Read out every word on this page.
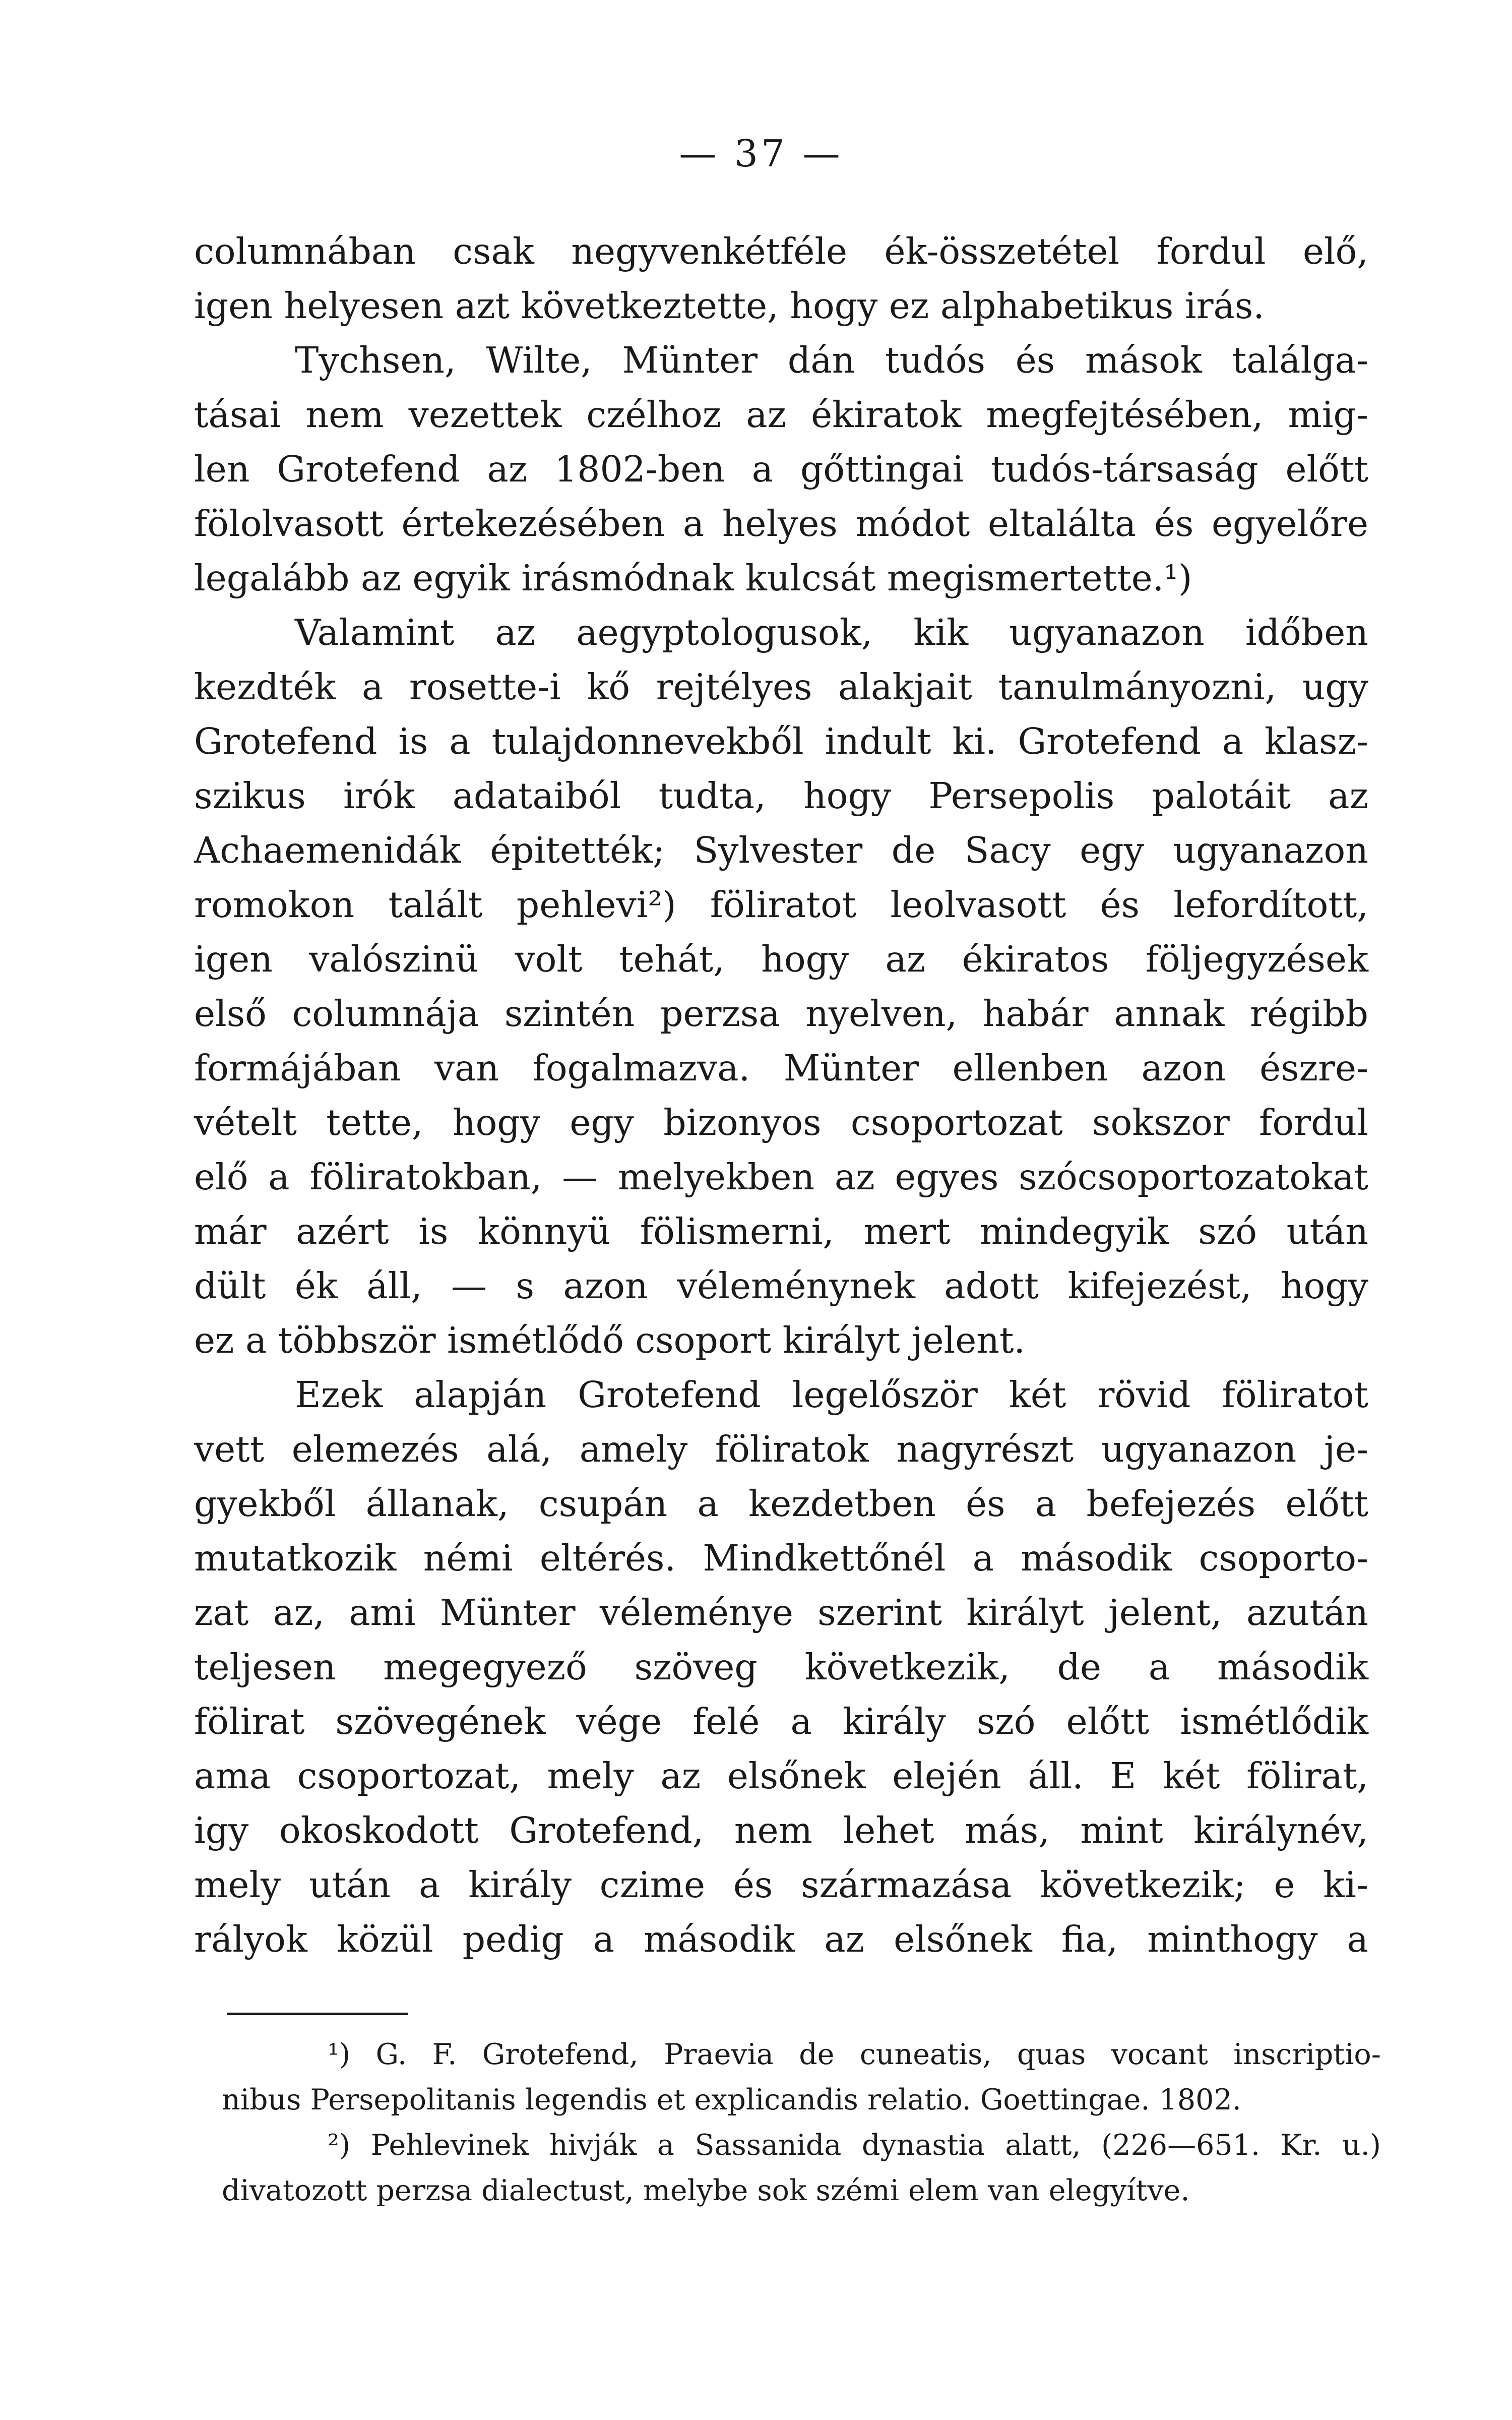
— 37 —
columnában csak negyvenkétféle ék-összetétel fordul elő,
igen helyesen azt következtette, hogy ez alphabetikus irás.
Tychsen, Wilte, Münter dán tudós és mások találga-
tásai nem vezettek czélhoz az ékiratok megfejtésében, mig-
len Grotefend az 1802-ben a gőttingai tudós-társaság előtt
fölolvasott értekezésében a helyes módot eltalálta és egyelőre
legalább az egyik irásmódnak kulcsát megismertette.¹)
Valamint az aegyptologusok, kik ugyanazon időben
kezdték a rosette-i kő rejtélyes alakjait tanulmányozni, ugy
Grotefend is a tulajdonnevekből indult ki. Grotefend a klasz-
szikus irók adataiból tudta, hogy Persepolis palotáit az
Achaemenidák épitették; Sylvester de Sacy egy ugyanazon
romokon talált pehlevi²) föliratot leolvasott és lefordított,
igen valószinü volt tehát, hogy az ékiratos följegyzések
első columnája szintén perzsa nyelven, habár annak régibb
formájában van fogalmazva. Münter ellenben azon észre-
vételt tette, hogy egy bizonyos csoportozat sokszor fordul
elő a föliratokban, — melyekben az egyes szócsoportozatokat
már azért is könnyü fölismerni, mert mindegyik szó után
dült ék áll, — s azon véleménynek adott kifejezést, hogy
ez a többször ismétlődő csoport királyt jelent.
Ezek alapján Grotefend legelőször két rövid föliratot
vett elemezés alá, amely föliratok nagyrészt ugyanazon je-
gyekből állanak, csupán a kezdetben és a befejezés előtt
mutatkozik némi eltérés. Mindkettőnél a második csoporto-
zat az, ami Münter véleménye szerint királyt jelent, azután
teljesen megegyező szöveg következik, de a második
fölirat szövegének vége felé a király szó előtt ismétlődik
ama csoportozat, mely az elsőnek elején áll. E két fölirat,
igy okoskodott Grotefend, nem lehet más, mint királynév,
mely után a király czime és származása következik; e ki-
rályok közül pedig a második az elsőnek fia, minthogy a
¹) G. F. Grotefend, Praevia de cuneatis, quas vocant inscriptio-
nibus Persepolitanis legendis et explicandis relatio. Goettingae. 1802.
²) Pehlevinek hivják a Sassanida dynastia alatt, (226—651. Kr. u.)
divatozott perzsa dialectust, melybe sok szémi elem van elegyítve.
